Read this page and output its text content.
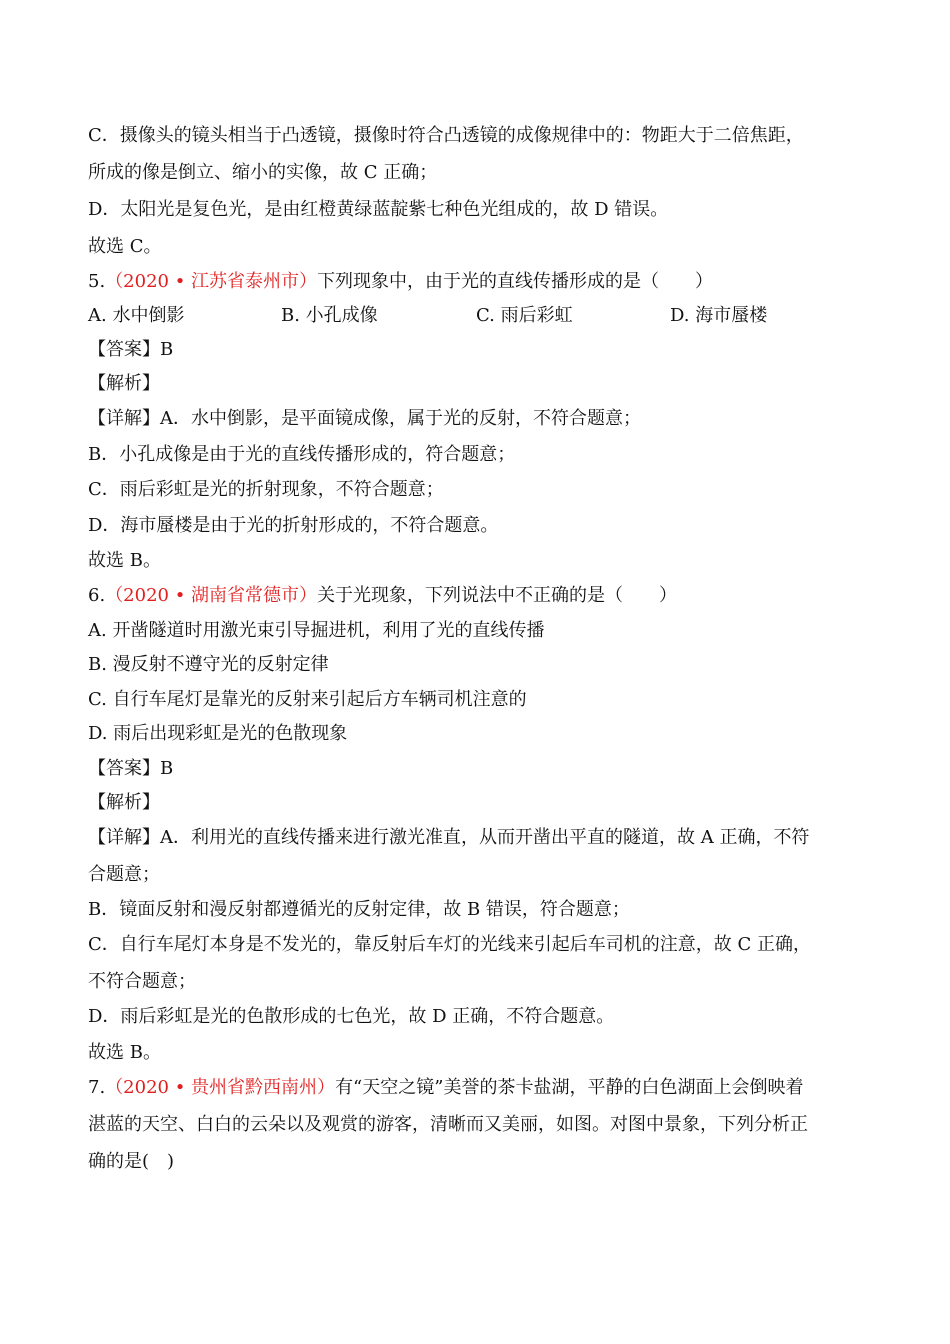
C．摄像头的镜头相当于凸透镜，摄像时符合凸透镜的成像规律中的：物距大于二倍焦距，
所成的像是倒立、缩小的实像，故 C 正确；
D．太阳光是复色光，是由红橙黄绿蓝靛紫七种色光组成的，故 D 错误。
故选 C。
5.（2020 • 江苏省泰州市）下列现象中，由于光的直线传播形成的是（　　）
A. 水中倒影	B. 小孔成像	C. 雨后彩虹	D. 海市蜃楼
【答案】B
【解析】
【详解】A．水中倒影，是平面镜成像，属于光的反射，不符合题意；
B．小孔成像是由于光的直线传播形成的，符合题意；
C．雨后彩虹是光的折射现象，不符合题意；
D．海市蜃楼是由于光的折射形成的，不符合题意。
故选 B。
6.（2020 • 湖南省常德市）关于光现象，下列说法中不正确的是（　　）
A. 开凿隧道时用激光束引导掘进机，利用了光的直线传播
B. 漫反射不遵守光的反射定律
C. 自行车尾灯是靠光的反射来引起后方车辆司机注意的
D. 雨后出现彩虹是光的色散现象
【答案】B
【解析】
【详解】A．利用光的直线传播来进行激光准直，从而开凿出平直的隧道，故 A 正确，不符
合题意；
B．镜面反射和漫反射都遵循光的反射定律，故 B 错误，符合题意；
C．自行车尾灯本身是不发光的，靠反射后车灯的光线来引起后车司机的注意，故 C 正确，
不符合题意；
D．雨后彩虹是光的色散形成的七色光，故 D 正确，不符合题意。
故选 B。
7.（2020 • 贵州省黔西南州）有“天空之镜”美誉的茶卡盐湖，平静的白色湖面上会倒映着
湛蓝的天空、白白的云朵以及观赏的游客，清晰而又美丽，如图。对图中景象，下列分析正
确的是(　)
